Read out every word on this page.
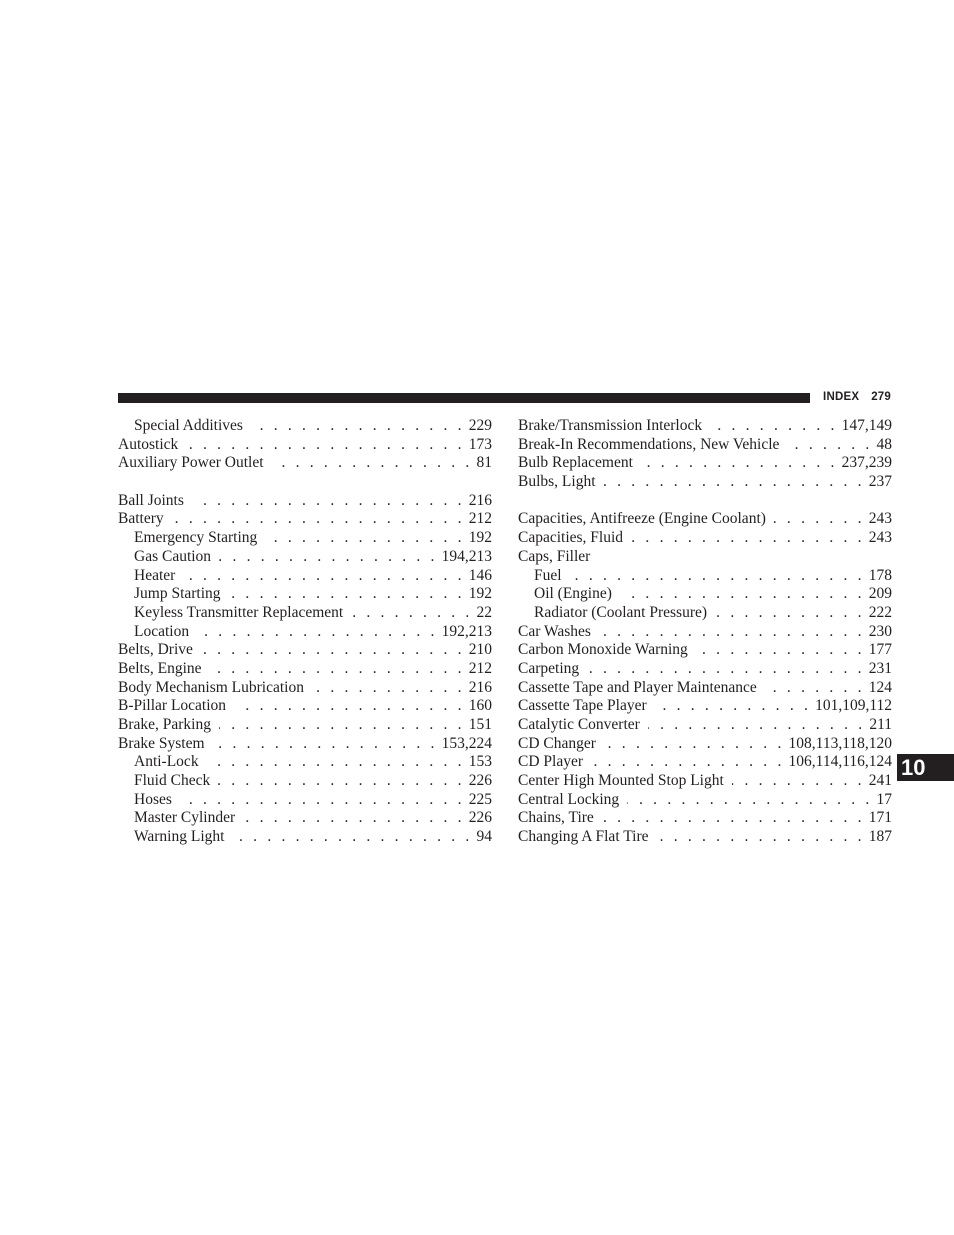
INDEX 279
Special Additives . . .	229
Autostick . . .	173
Auxiliary Power Outlet . . .	81
Ball Joints . . .	216
Battery . . .	212
Emergency Starting . . .	192
Gas Caution . . .	194,213
Heater . . .	146
Jump Starting . . .	192
Keyless Transmitter Replacement . . .	22
Location . . .	192,213
Belts, Drive . . .	210
Belts, Engine . . .	212
Body Mechanism Lubrication . . .	216
B-Pillar Location . . .	160
Brake, Parking . . .	151
Brake System . . .	153,224
Anti-Lock . . .	153
Fluid Check . . .	226
Hoses . . .	225
Master Cylinder . . .	226
Warning Light . . .	94
Brake/Transmission Interlock . . .	147,149
Break-In Recommendations, New Vehicle . . .	48
Bulb Replacement . . .	237,239
Bulbs, Light . . .	237
Capacities, Antifreeze (Engine Coolant) . . .	243
Capacities, Fluid . . .	243
Caps, Filler
Fuel . . .	178
Oil (Engine) . . .	209
Radiator (Coolant Pressure) . . .	222
Car Washes . . .	230
Carbon Monoxide Warning . . .	177
Carpeting . . .	231
Cassette Tape and Player Maintenance . . .	124
Cassette Tape Player . . .	101,109,112
Catalytic Converter . . .	211
CD Changer . . .	108,113,118,120
CD Player . . .	106,114,116,124
Center High Mounted Stop Light . . .	241
Central Locking . . .	17
Chains, Tire . . .	171
Changing A Flat Tire . . .	187
10
